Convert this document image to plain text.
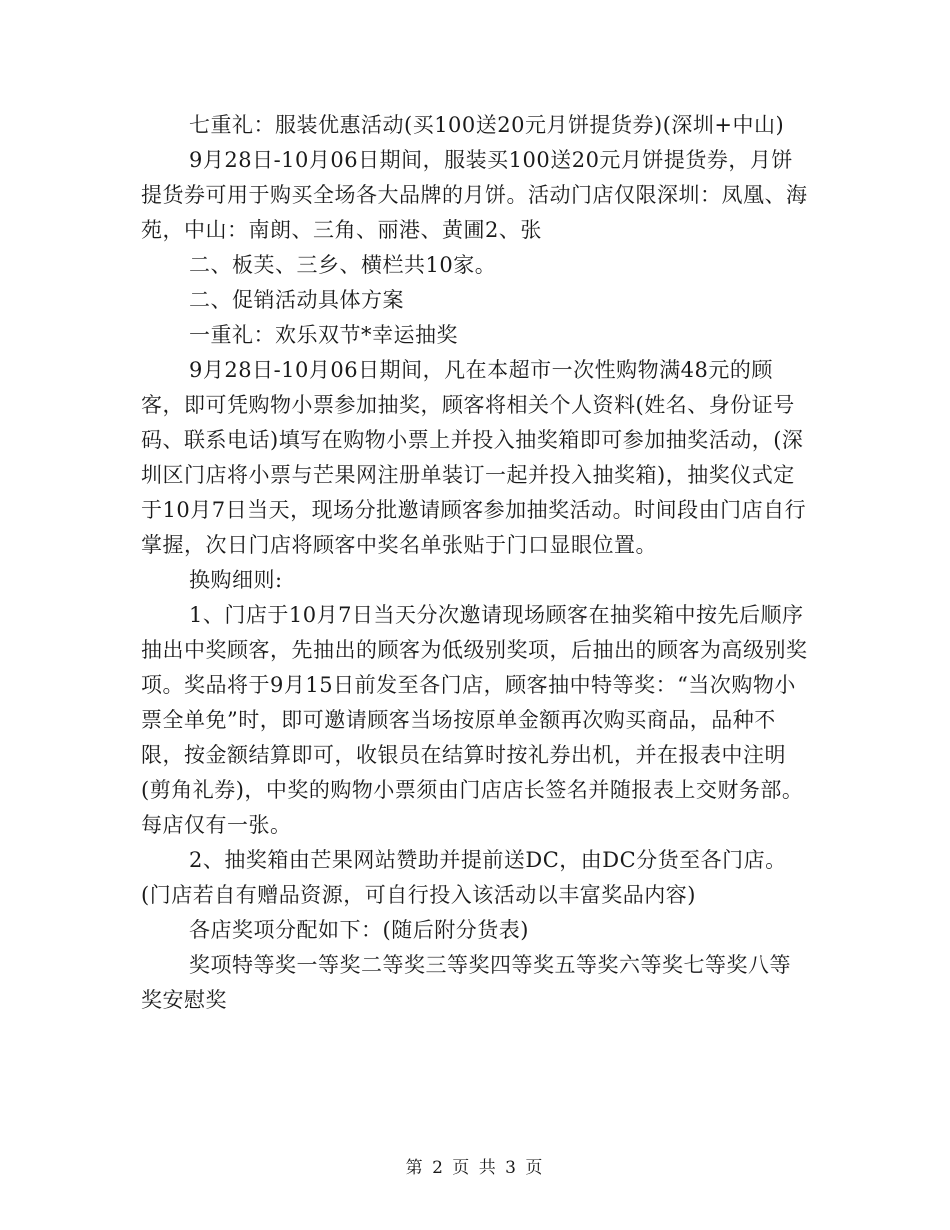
七重礼：服装优惠活动(买100送20元月饼提货券)(深圳+中山)

9月28日-10月06日期间，服装买100送20元月饼提货券，月饼提货券可用于购买全场各大品牌的月饼。活动门店仅限深圳：凤凰、海苑，中山：南朗、三角、丽港、黄圃2、张

二、板芙、三乡、横栏共10家。

二、促销活动具体方案

一重礼：欢乐双节*幸运抽奖

9月28日-10月06日期间，凡在本超市一次性购物满48元的顾客，即可凭购物小票参加抽奖，顾客将相关个人资料(姓名、身份证号码、联系电话)填写在购物小票上并投入抽奖箱即可参加抽奖活动，(深圳区门店将小票与芒果网注册单装订一起并投入抽奖箱)，抽奖仪式定于10月7日当天，现场分批邀请顾客参加抽奖活动。时间段由门店自行掌握，次日门店将顾客中奖名单张贴于门口显眼位置。

换购细则:

1、门店于10月7日当天分次邀请现场顾客在抽奖箱中按先后顺序抽出中奖顾客，先抽出的顾客为低级别奖项，后抽出的顾客为高级别奖项。奖品将于9月15日前发至各门店，顾客抽中特等奖：“当次购物小票全单免”时，即可邀请顾客当场按原单金额再次购买商品，品种不限，按金额结算即可，收银员在结算时按礼券出机，并在报表中注明(剪角礼券)，中奖的购物小票须由门店店长签名并随报表上交财务部。每店仅有一张。

2、抽奖箱由芒果网站赞助并提前送DC，由DC分货至各门店。(门店若自有赠品资源，可自行投入该活动以丰富奖品内容)

各店奖项分配如下：(随后附分货表)

奖项特等奖一等奖二等奖三等奖四等奖五等奖六等奖七等奖八等奖安慰奖

第 2 页 共 3 页
